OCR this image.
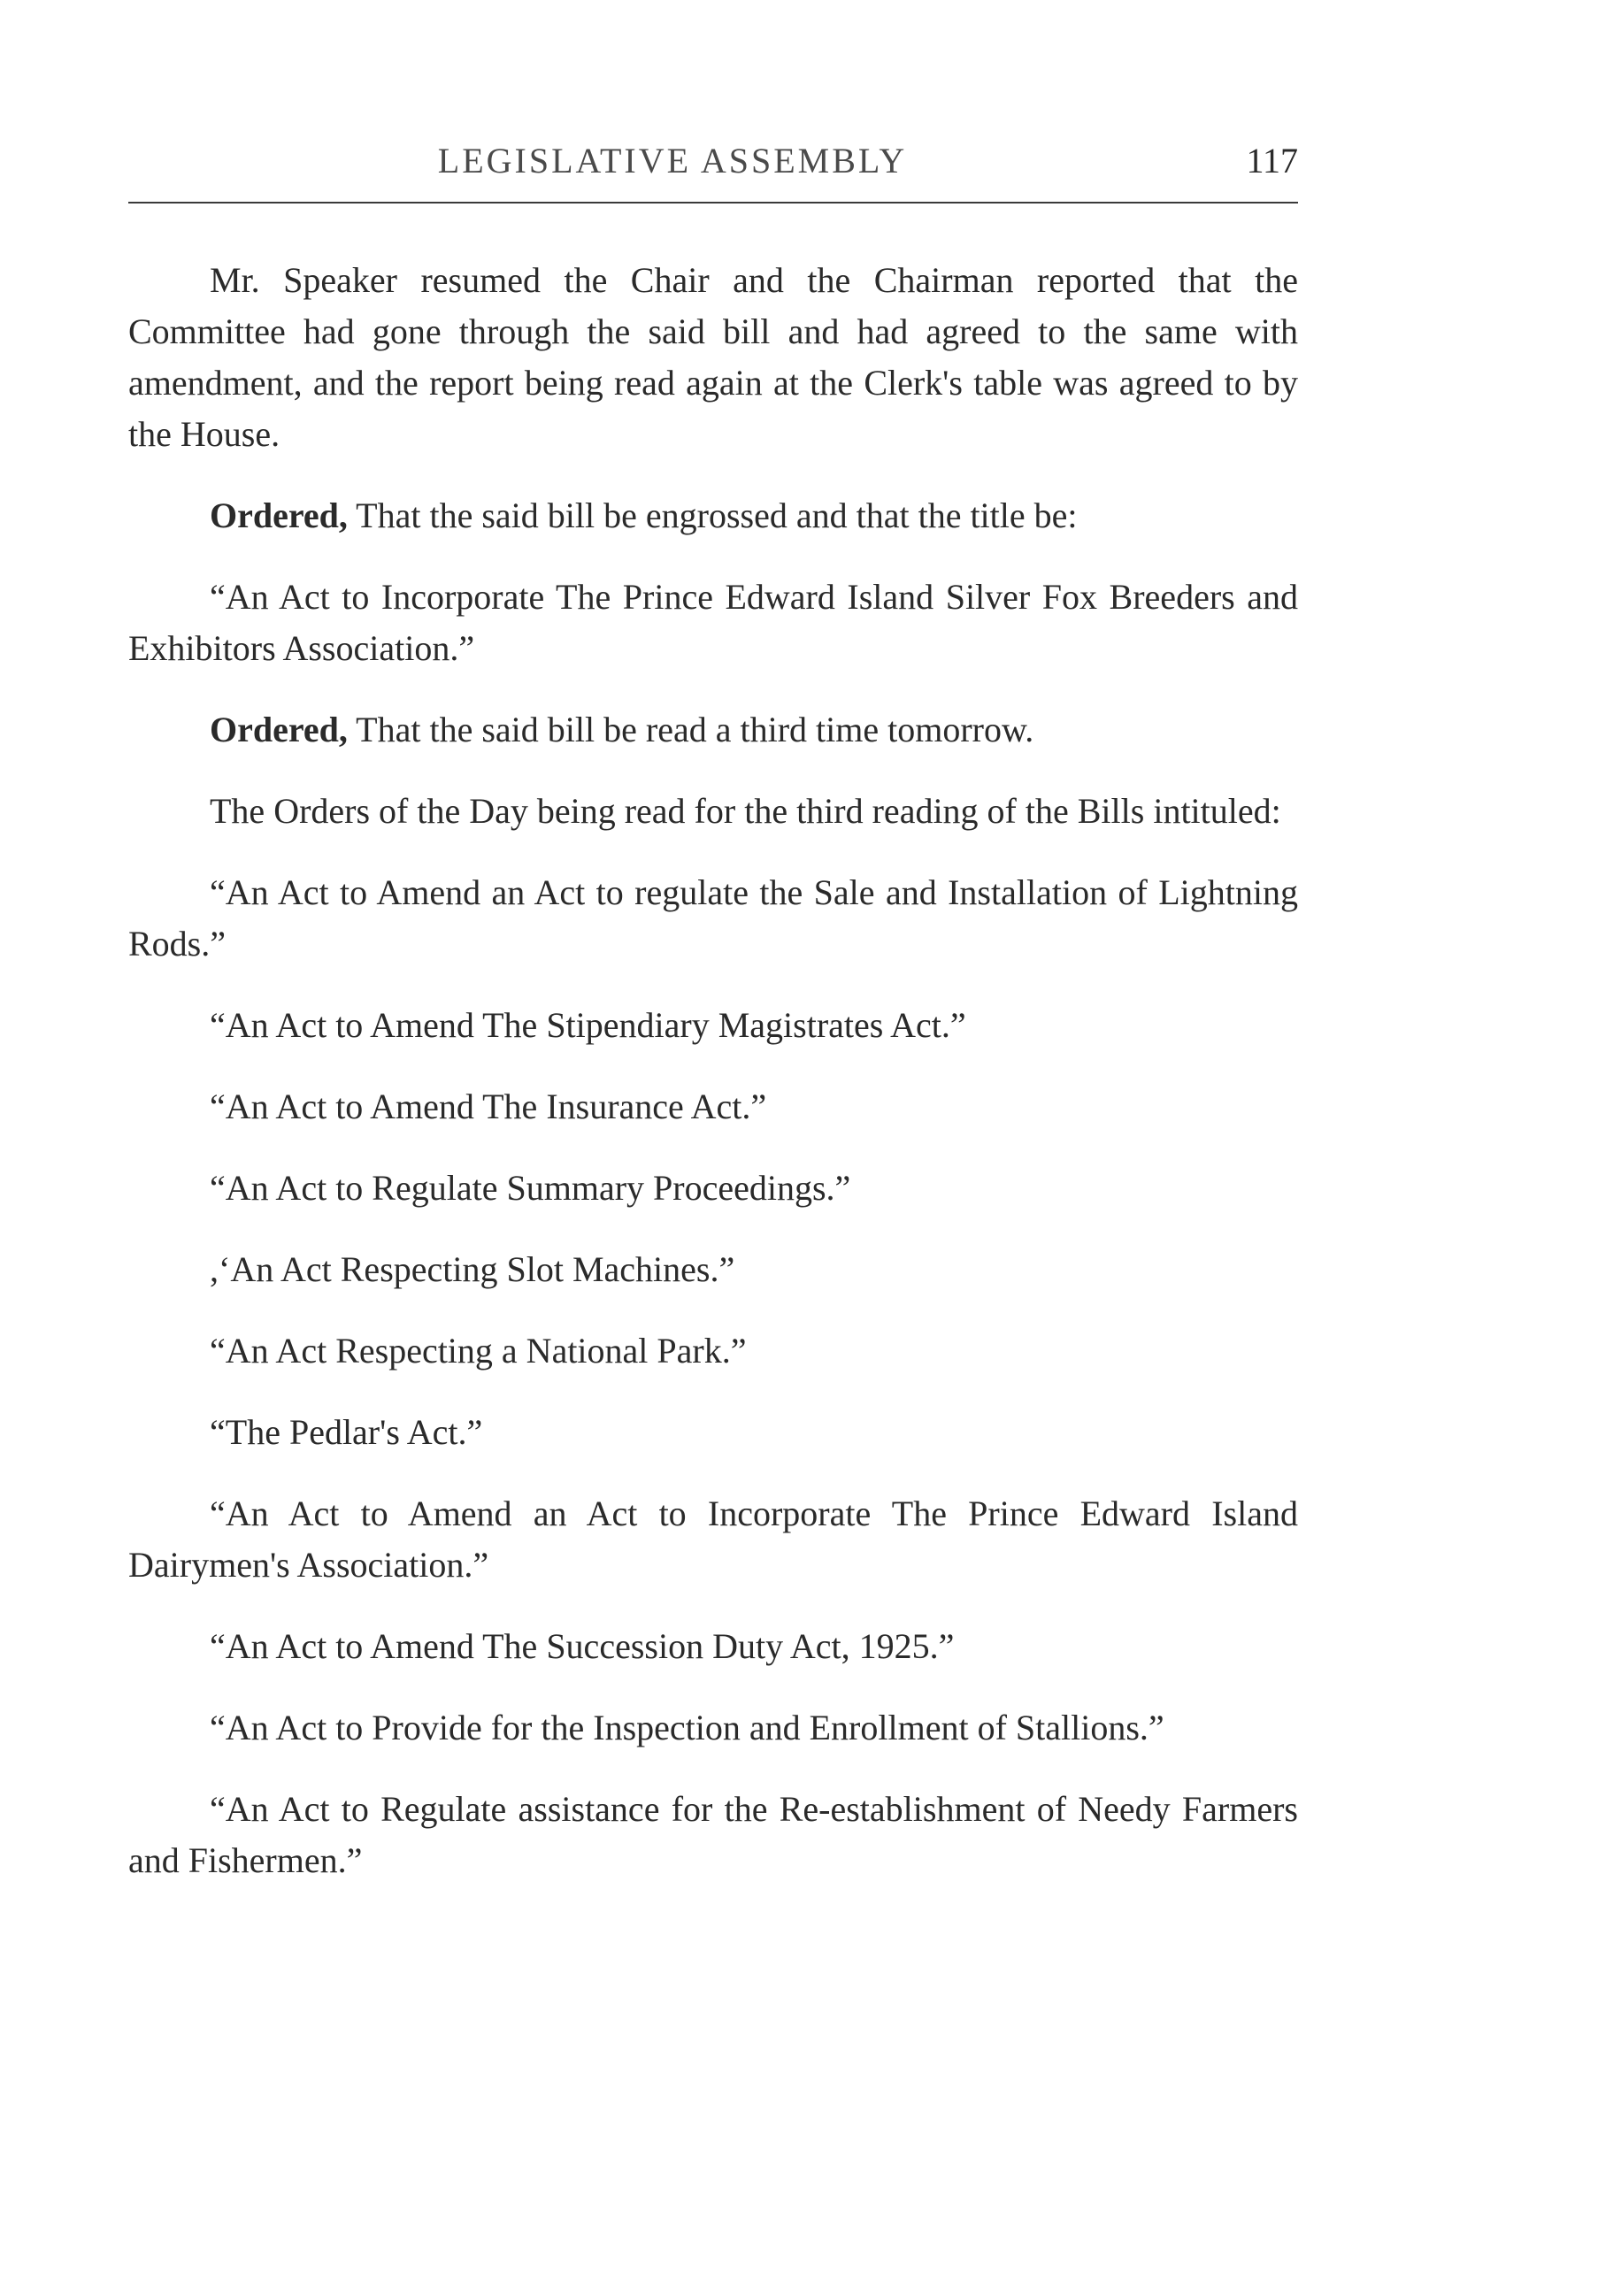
LEGISLATIVE ASSEMBLY	117

Mr. Speaker resumed the Chair and the Chairman reported that the Committee had gone through the said bill and had agreed to the same with amendment, and the report being read again at the Clerk's table was agreed to by the House.

Ordered, That the said bill be engrossed and that the title be:

“An Act to Incorporate The Prince Edward Island Silver Fox Breeders and Exhibitors Association.”

Ordered, That the said bill be read a third time tomorrow.

The Orders of the Day being read for the third reading of the Bills intituled:

“An Act to Amend an Act to regulate the Sale and Installation of Lightning Rods.”

“An Act to Amend The Stipendiary Magistrates Act.”

“An Act to Amend The Insurance Act.”

“An Act to Regulate Summary Proceedings.”

,‘An Act Respecting Slot Machines.”

“An Act Respecting a National Park.”

“The Pedlar's Act.”

“An Act to Amend an Act to Incorporate The Prince Edward Island Dairymen's Association.”

“An Act to Amend The Succession Duty Act, 1925.”

“An Act to Provide for the Inspection and Enrollment of Stallions.”

“An Act to Regulate assistance for the Re-establishment of Needy Farmers and Fishermen.”
